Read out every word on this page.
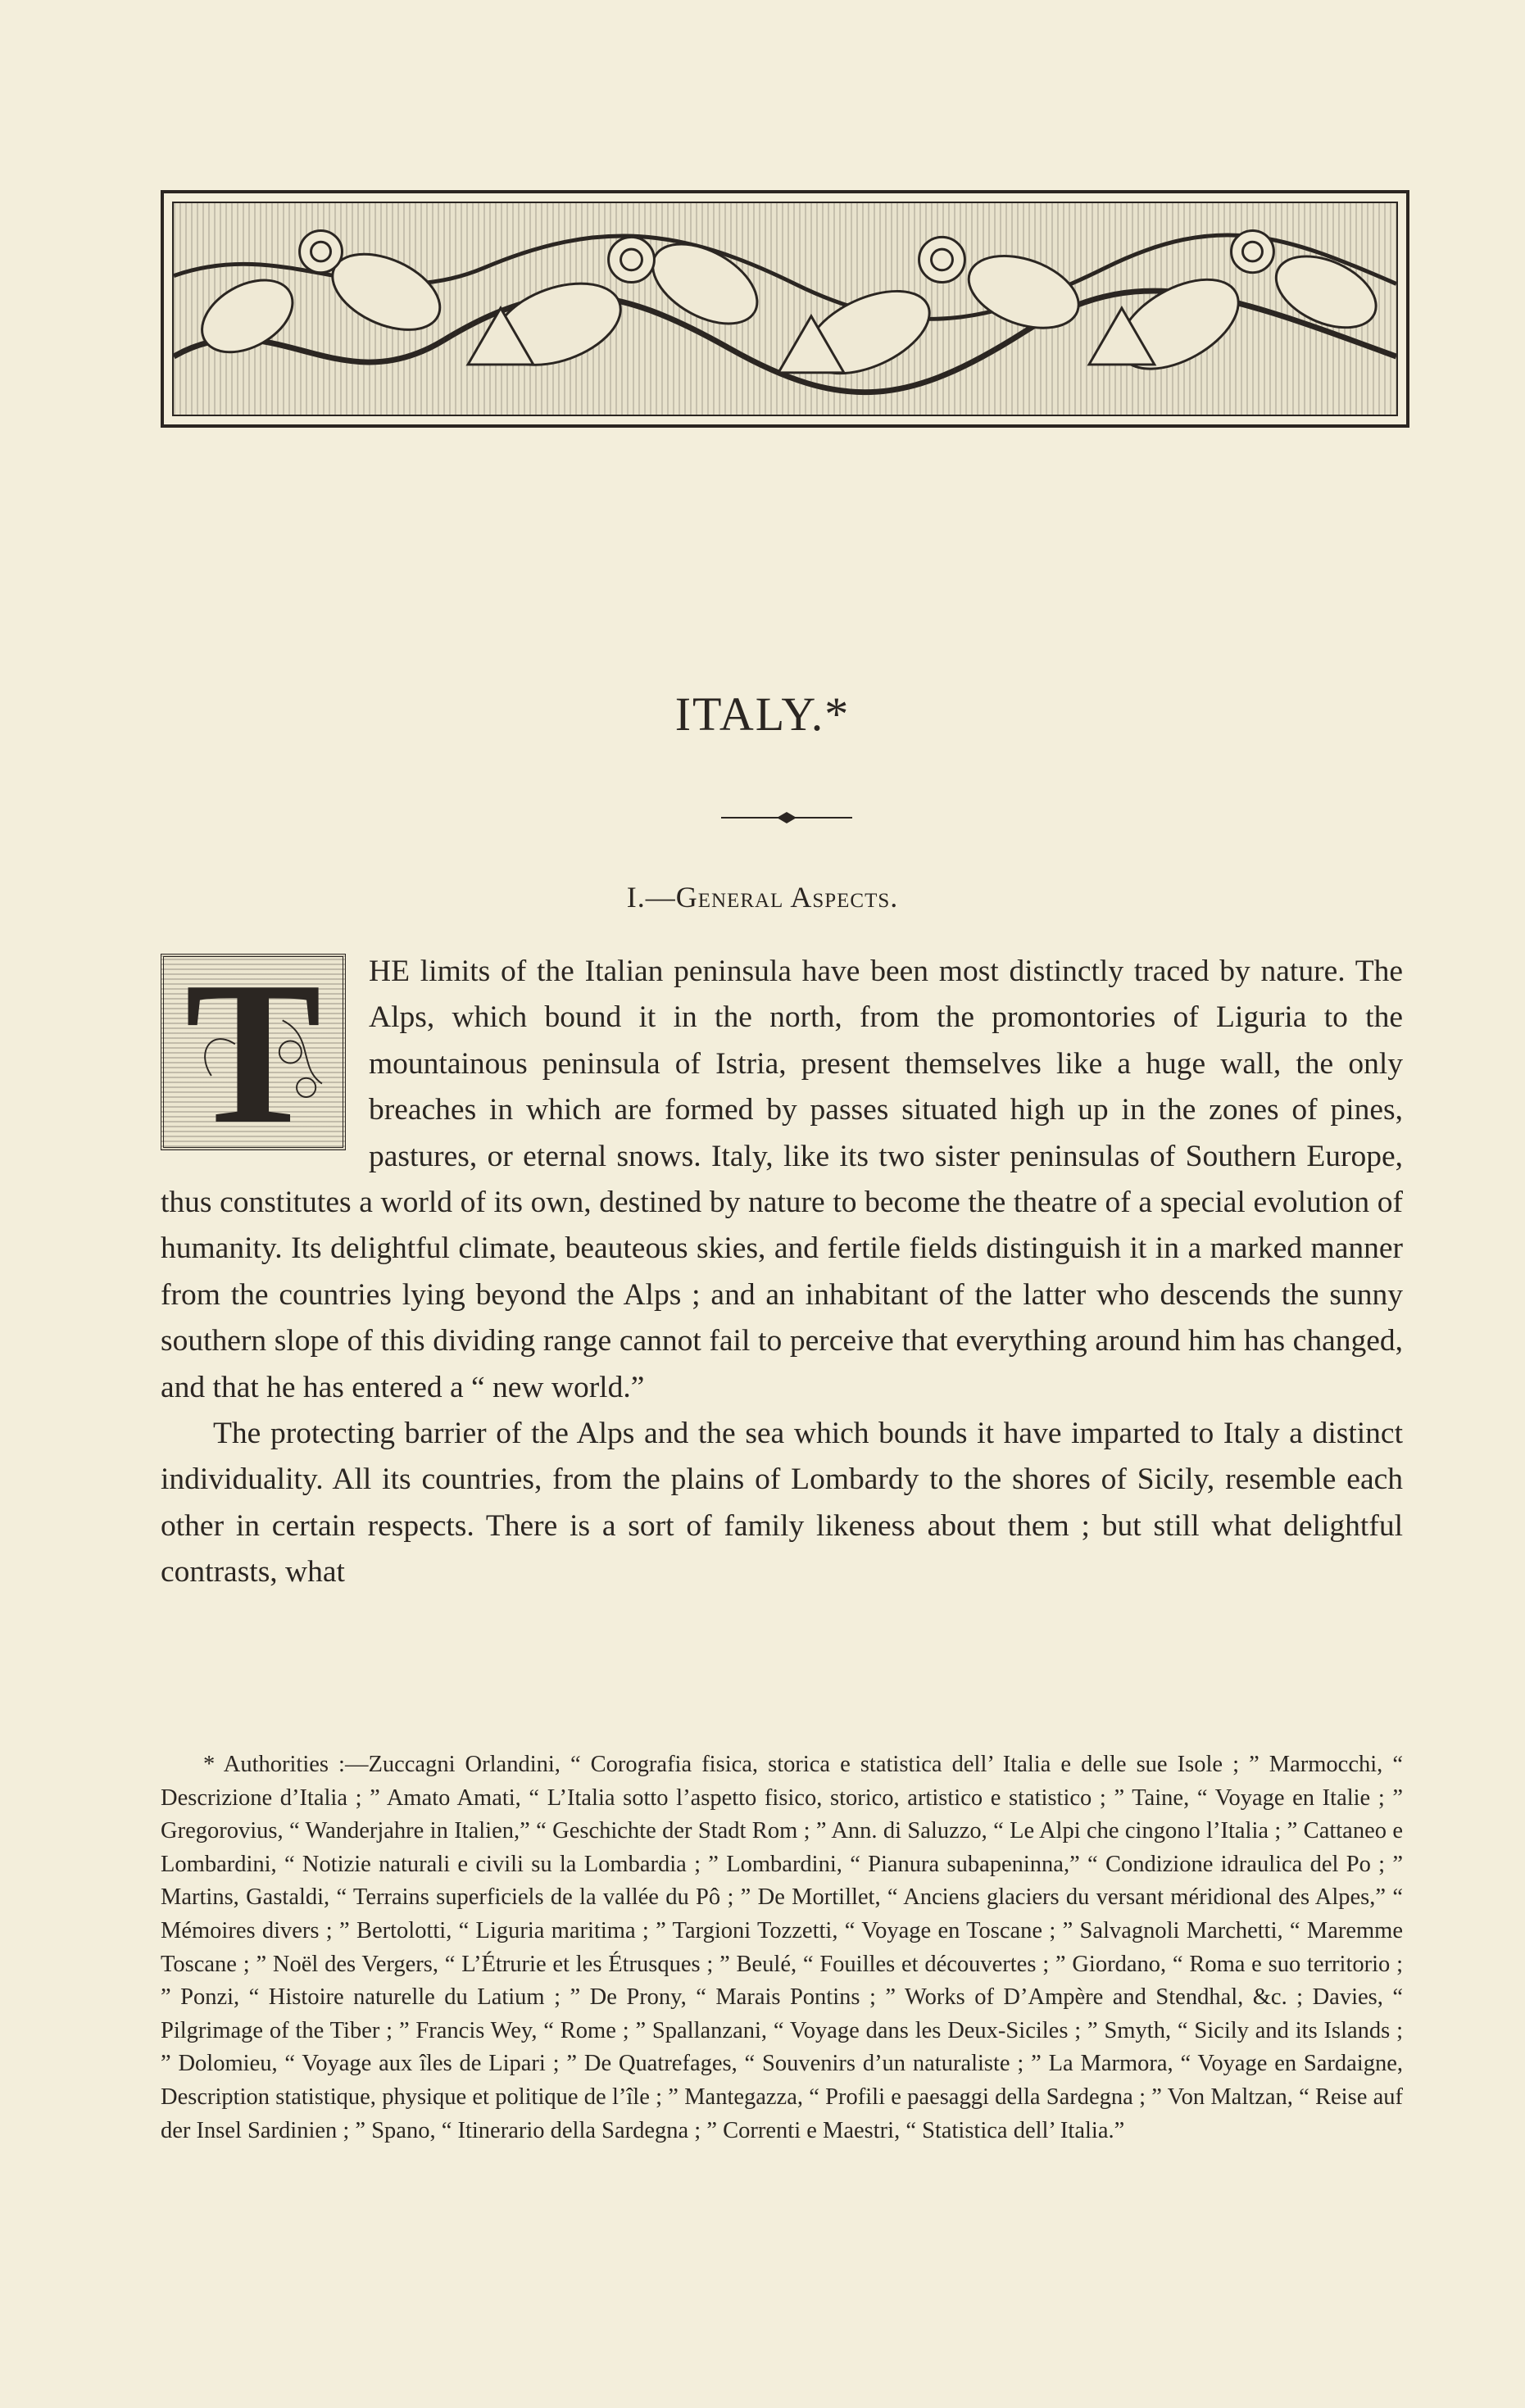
ITALY.*
I.—General Aspects.
T	HE limits of the Italian peninsula have been most distinctly traced by nature. The Alps, which bound it in the north, from the promontories of Liguria to the mountainous peninsula of Istria, present themselves like a huge wall, the only breaches in which are formed by passes situated high up in the zones of pines, pastures, or eternal snows. Italy, like its two sister peninsulas of Southern Europe, thus constitutes a world of its own, destined by nature to become the theatre of a special evolution of humanity. Its delightful climate, beauteous skies, and fertile fields distinguish it in a marked manner from the countries lying beyond the Alps ; and an inhabitant of the latter who descends the sunny southern slope of this dividing range cannot fail to perceive that everything around him has changed, and that he has entered a “ new world.”

The protecting barrier of the Alps and the sea which bounds it have imparted to Italy a distinct individuality. All its countries, from the plains of Lombardy to the shores of Sicily, resemble each other in certain respects. There is a sort of family likeness about them ; but still what delightful contrasts, what

* Authorities :—Zuccagni Orlandini, “ Corografia fisica, storica e statistica dell’ Italia e delle sue Isole ; ” Marmocchi, “ Descrizione d’Italia ; ” Amato Amati, “ L’Italia sotto l’aspetto fisico, storico, artistico e statistico ; ” Taine, “ Voyage en Italie ; ” Gregorovius, “ Wanderjahre in Italien,” “ Geschichte der Stadt Rom ; ” Ann. di Saluzzo, “ Le Alpi che cingono l’Italia ; ” Cattaneo e Lombardini, “ Notizie naturali e civili su la Lombardia ; ” Lombardini, “ Pianura subapeninna,” “ Condizione idraulica del Po ; ” Martins, Gastaldi, “ Terrains superficiels de la vallée du Pô ; ” De Mortillet, “ Anciens glaciers du versant méridional des Alpes,” “ Mémoires divers ; ” Bertolotti, “ Liguria maritima ; ” Targioni Tozzetti, “ Voyage en Toscane ; ” Salvagnoli Marchetti, “ Maremme Toscane ; ” Noël des Vergers, “ L’Étrurie et les Étrusques ; ” Beulé, “ Fouilles et découvertes ; ” Giordano, “ Roma e suo territorio ; ” Ponzi, “ Histoire naturelle du Latium ; ” De Prony, “ Marais Pontins ; ” Works of D’Ampère and Stendhal, &c. ; Davies, “ Pilgrimage of the Tiber ; ” Francis Wey, “ Rome ; ” Spallanzani, “ Voyage dans les Deux-Siciles ; ” Smyth, “ Sicily and its Islands ; ” Dolomieu, “ Voyage aux îles de Lipari ; ” De Quatrefages, “ Souvenirs d’un naturaliste ; ” La Marmora, “ Voyage en Sardaigne, Description statistique, physique et politique de l’île ; ” Mantegazza, “ Profili e paesaggi della Sardegna ; ” Von Maltzan, “ Reise auf der Insel Sardinien ; ” Spano, “ Itinerario della Sardegna ; ” Correnti e Maestri, “ Statistica dell’ Italia.”
